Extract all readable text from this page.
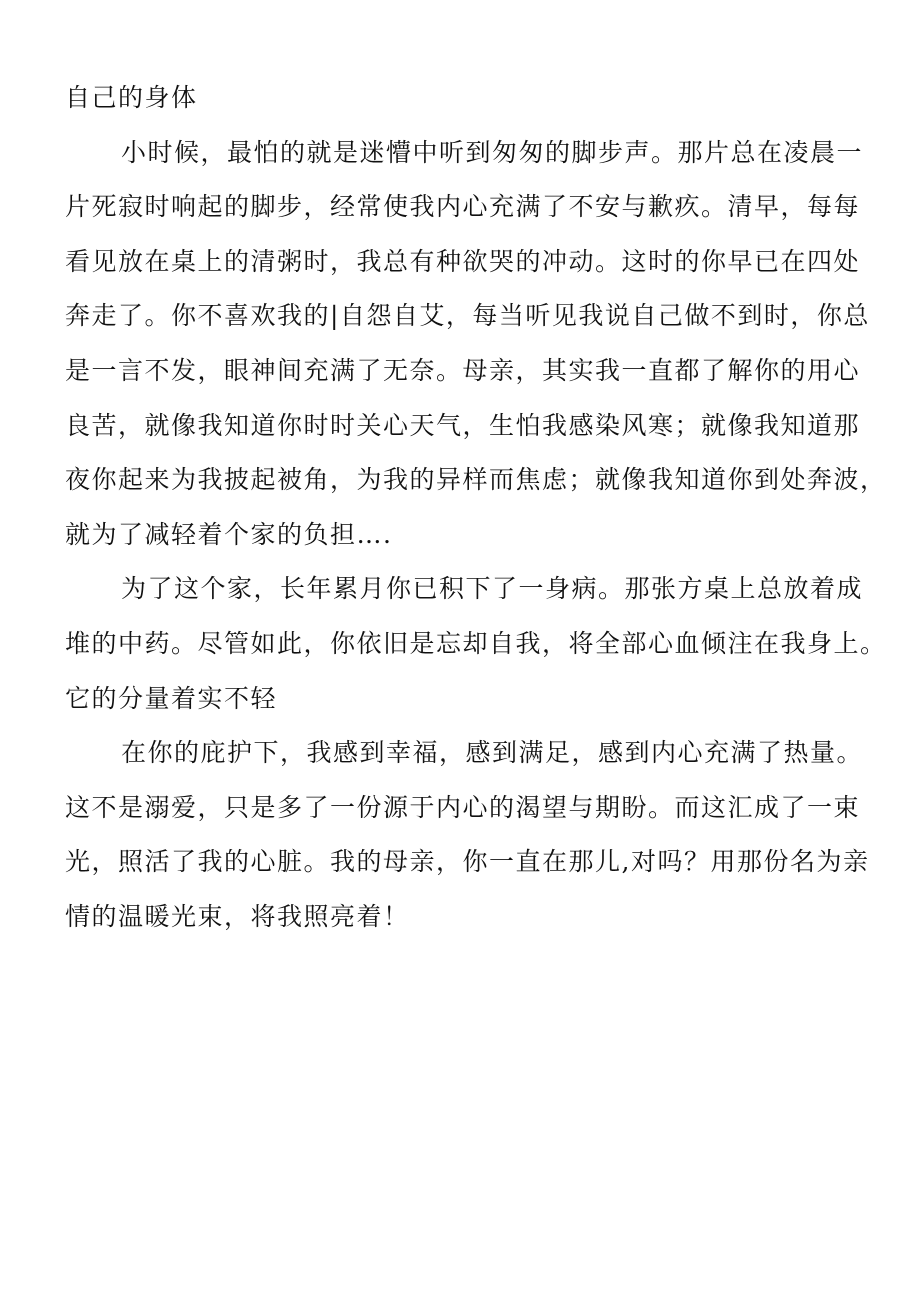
自己的身体
小时候，最怕的就是迷懵中听到匆匆的脚步声。那片总在凌晨一
片死寂时响起的脚步，经常使我内心充满了不安与歉疚。清早，每每
看见放在桌上的清粥时，我总有种欲哭的冲动。这时的你早已在四处
奔走了。你不喜欢我的|自怨自艾，每当听见我说自己做不到时，你总
是一言不发，眼神间充满了无奈。母亲，其实我一直都了解你的用心
良苦，就像我知道你时时关心天气，生怕我感染风寒；就像我知道那
夜你起来为我披起被角，为我的异样而焦虑；就像我知道你到处奔波，
就为了减轻着个家的负担….
为了这个家，长年累月你已积下了一身病。那张方桌上总放着成
堆的中药。尽管如此，你依旧是忘却自我，将全部心血倾注在我身上。
它的分量着实不轻
在你的庇护下，我感到幸福，感到满足，感到内心充满了热量。
这不是溺爱，只是多了一份源于内心的渴望与期盼。而这汇成了一束
光，照活了我的心脏。我的母亲，你一直在那儿,对吗？用那份名为亲
情的温暖光束，将我照亮着！
